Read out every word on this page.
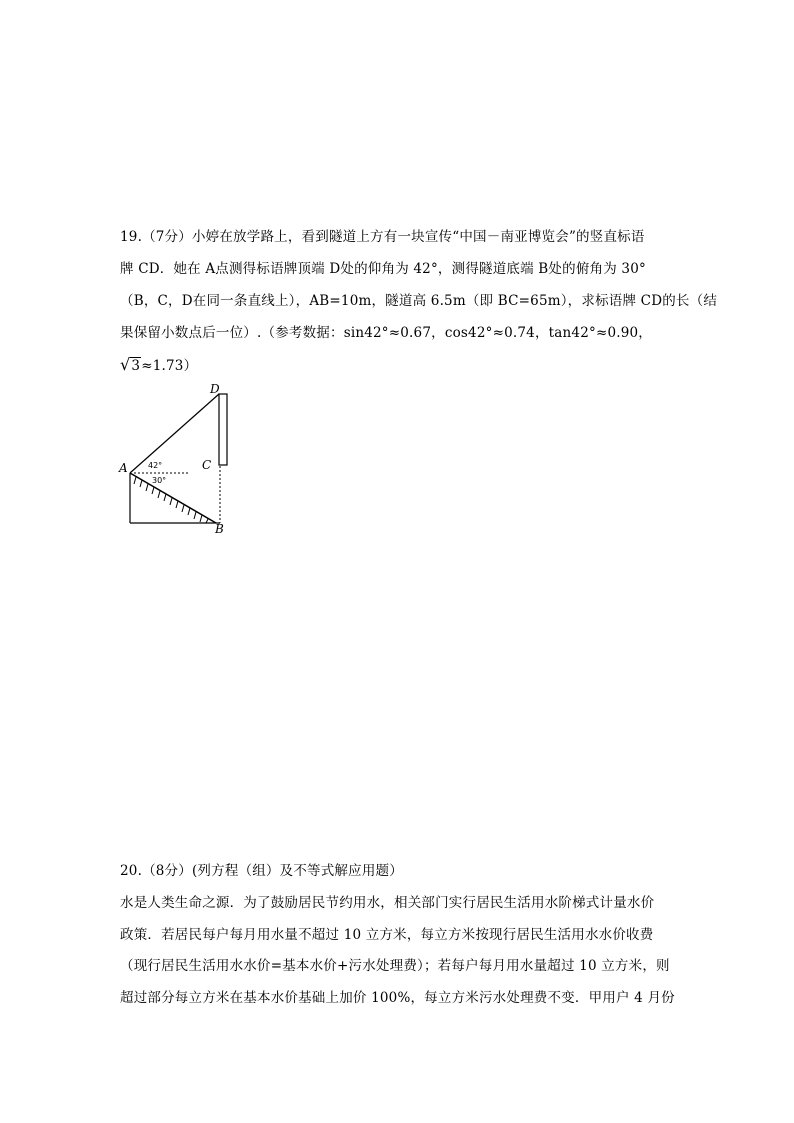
19.（7分）小婷在放学路上，看到隧道上方有一块宣传“中国－南亚博览会”的竖直标语
牌 CD．她在 A点测得标语牌顶端 D处的仰角为 42°，测得隧道底端 B处的俯角为 30°
（B，C，D在同一条直线上），AB=10m，隧道高 6.5m（即 BC=65m），求标语牌 CD的长（结
果保留小数点后一位）.（参考数据：sin42°≈0.67，cos42°≈0.74，tan42°≈0.90，
√3≈1.73）
D
C
A
B
42°
30°
20.（8分）(列方程（组）及不等式解应用题）
水是人类生命之源．为了鼓励居民节约用水，相关部门实行居民生活用水阶梯式计量水价
政策．若居民每户每月用水量不超过 10 立方米，每立方米按现行居民生活用水水价收费
（现行居民生活用水水价=基本水价+污水处理费）；若每户每月用水量超过 10 立方米，则
超过部分每立方米在基本水价基础上加价 100%，每立方米污水处理费不变．甲用户 4 月份
